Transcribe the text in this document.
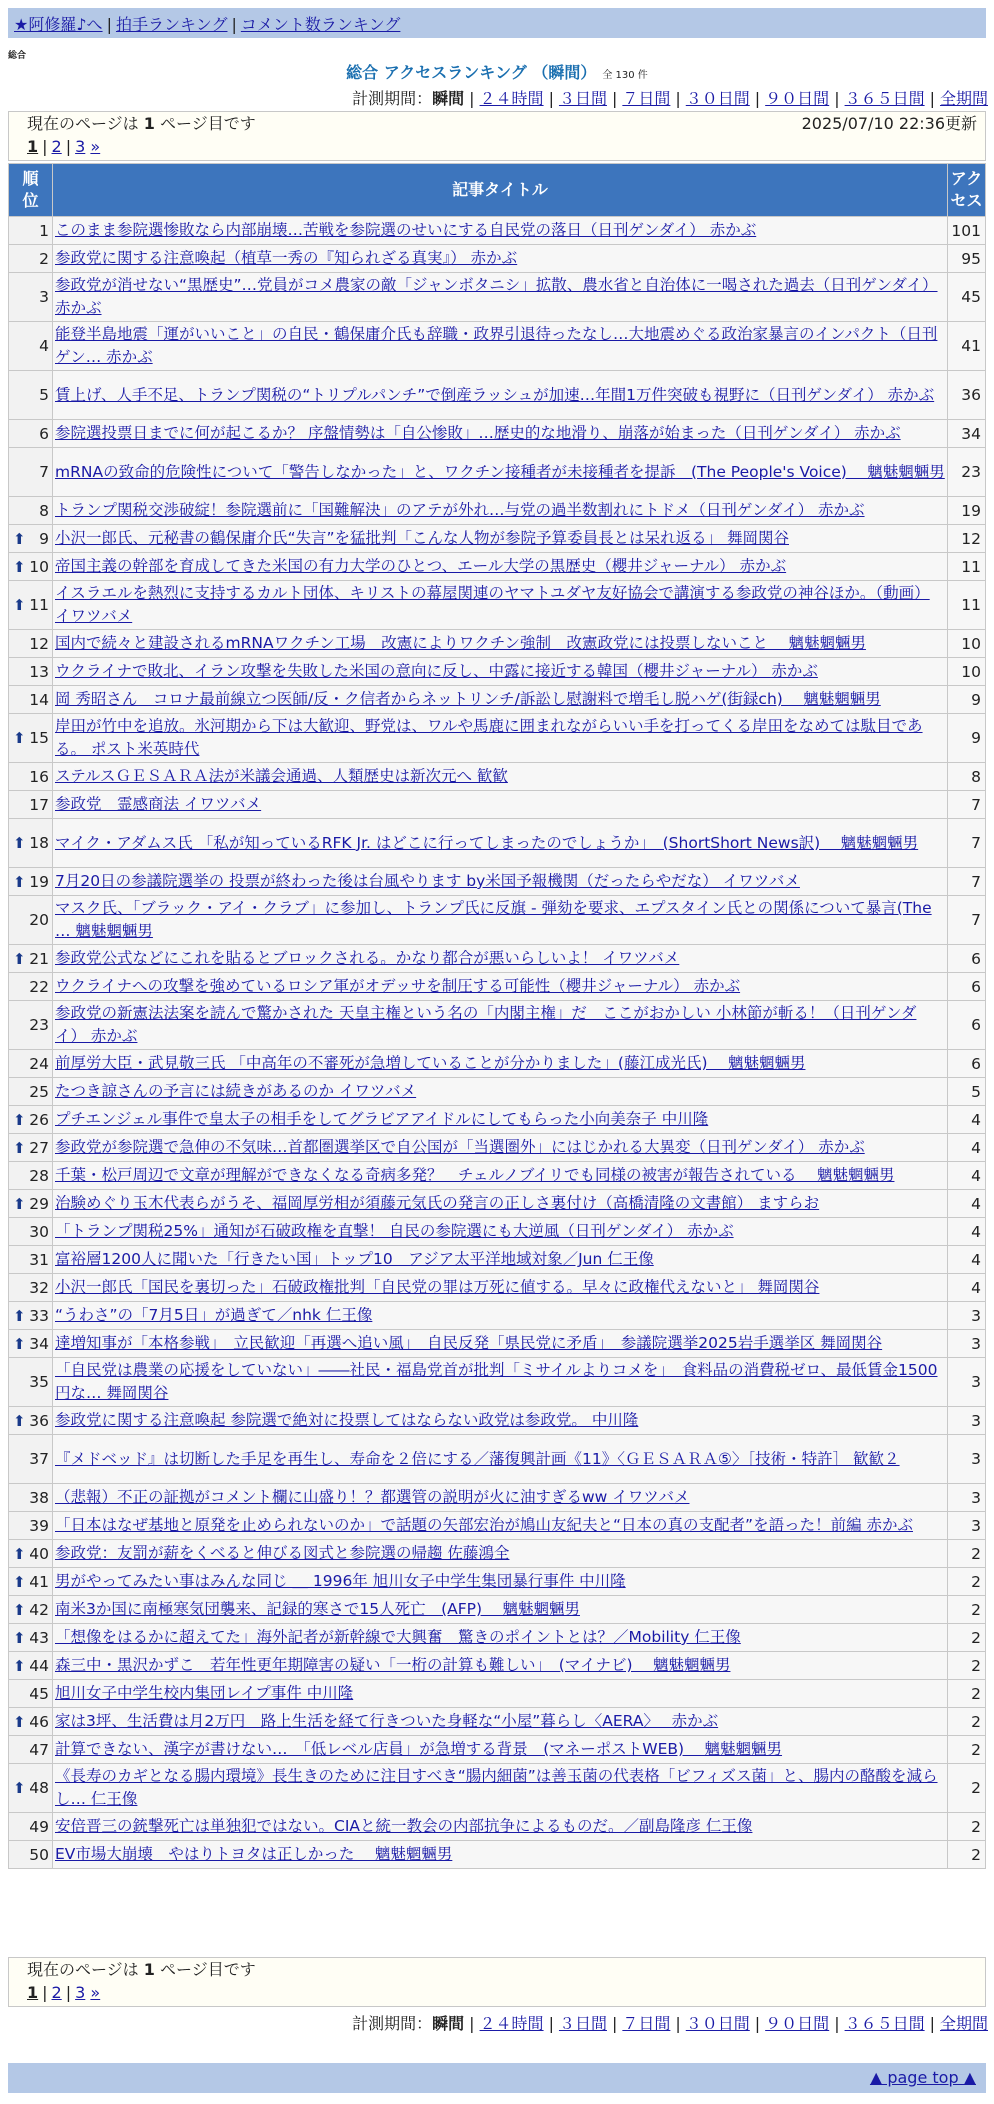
★阿修羅♪へ | 拍手ランキング | コメント数ランキング
総合
総合 アクセスランキング （瞬間） 全 130 件
計測期間：瞬間 | ２４時間 | ３日間 | ７日間 | ３０日間 | ９０日間 | ３６５日間 | 全期間
現在のページは 1 ページ目です	2025/07/10 22:36更新
1 | 2 | 3 »
順位	記事タイトル	アクセス
1	このまま参院選惨敗なら内部崩壊…苦戦を参院選のせいにする自民党の落日（日刊ゲンダイ） 赤かぶ	101
2	参政党に関する注意喚起（植草一秀の『知られざる真実』） 赤かぶ	95
3	参政党が消せない“黒歴史”…党員がコメ農家の敵「ジャンボタニシ」拡散、農水省と自治体に一喝された過去（日刊ゲンダイ） 赤かぶ	45
4	能登半島地震「運がいいこと」の自民・鶴保庸介氏も辞職・政界引退待ったなし…大地震めぐる政治家暴言のインパクト（日刊ゲン… 赤かぶ	41
5	賃上げ、人手不足、トランプ関税の“トリプルパンチ”で倒産ラッシュが加速…年間1万件突破も視野に（日刊ゲンダイ） 赤かぶ	36
6	参院選投票日までに何が起こるか？ 序盤情勢は「自公惨敗」…歴史的な地滑り、崩落が始まった（日刊ゲンダイ） 赤かぶ	34
7	mRNAの致命的危険性について「警告しなかった」と、ワクチン接種者が未接種者を提訴　(The People's Voice)　 魑魅魍魎男	23
8	トランプ関税交渉破綻！参院選前に「国難解決」のアテが外れ…与党の過半数割れにトドメ（日刊ゲンダイ） 赤かぶ	19

⬆ 9	小沢一郎氏、元秘書の鶴保庸介氏“失言”を猛批判「こんな人物が参院予算委員長とは呆れ返る」 舞岡関谷	12

⬆ 10	帝国主義の幹部を育成してきた米国の有力大学のひとつ、エール大学の黒歴史（櫻井ジャーナル） 赤かぶ	11

⬆ 11	イスラエルを熱烈に支持するカルト団体、キリストの幕屋関連のヤマトユダヤ友好協会で講演する参政党の神谷ほか。（動画） イワツバメ	11
12	国内で続々と建設されるmRNAワクチン工場　改憲によりワクチン強制　改憲政党には投票しないこと　 魑魅魍魎男	10
13	ウクライナで敗北、イラン攻撃を失敗した米国の意向に反し、中露に接近する韓国（櫻井ジャーナル） 赤かぶ	10
14	岡 秀昭さん　コロナ最前線立つ医師/反・ク信者からネットリンチ/訴訟し慰謝料で増毛し脱ハゲ(街録ch)　 魑魅魍魎男	9

⬆ 15	岸田が竹中を追放。氷河期から下は大歓迎、野党は、ワルや馬鹿に囲まれながらいい手を打ってくる岸田をなめては駄目である。 ポスト米英時代	9
16	ステルスＧＥＳＡＲＡ法が米議会通過、人類歴史は新次元へ 歓歓	8
17	参政党　霊感商法 イワツバメ	7

⬆ 18	マイク・アダムス氏 「私が知っているRFK Jr. はどこに行ってしまったのでしょうか」　(ShortShort News訳)　 魑魅魍魎男	7

⬆ 19	7月20日の参議院選挙の 投票が終わった後は台風やります by米国予報機関（だったらやだな） イワツバメ	7
20	マスク氏、「ブラック・アイ・クラブ」に参加し、トランプ氏に反旗 - 弾劾を要求、エプスタイン氏との関係について暴言(The … 魑魅魍魎男	7

⬆ 21	参政党公式などにこれを貼るとブロックされる。かなり都合が悪いらしいよ！ イワツバメ	6
22	ウクライナへの攻撃を強めているロシア軍がオデッサを制圧する可能性（櫻井ジャーナル） 赤かぶ	6
23	参政党の新憲法法案を読んで驚かされた 天皇主権という名の「内閣主権」だ　ここがおかしい 小林節が斬る！（日刊ゲンダイ） 赤かぶ	6
24	前厚労大臣・武見敬三氏 「中高年の不審死が急増していることが分かりました」(藤江成光氏)　 魑魅魍魎男	6
25	たつき諒さんの予言には続きがあるのか イワツバメ	5

⬆ 26	プチエンジェル事件で皇太子の相手をしてグラビアアイドルにしてもらった小向美奈子 中川隆	4

⬆ 27	参政党が参院選で急伸の不気味…首都圏選挙区で自公国が「当選圏外」にはじかれる大異変（日刊ゲンダイ） 赤かぶ	4
28	千葉・松戸周辺で文章が理解ができなくなる奇病多発？　チェルノブイリでも同様の被害が報告されている　 魑魅魍魎男	4

⬆ 29	治験めぐり玉木代表らがうそ、福岡厚労相が須藤元気氏の発言の正しさ裏付け（高橋清隆の文書館） ますらお	4
30	「トランプ関税25%」通知が石破政権を直撃！ 自民の参院選にも大逆風（日刊ゲンダイ） 赤かぶ	4
31	富裕層1200人に聞いた「行きたい国」トップ10　アジア太平洋地域対象／Jun 仁王像	4
32	小沢一郎氏「国民を裏切った」石破政権批判「自民党の罪は万死に値する。早々に政権代えないと」 舞岡関谷	4

⬆ 33	“うわさ”の「7月5日」が過ぎて／nhk 仁王像	3

⬆ 34	達増知事が「本格参戦」　立民歓迎「再選へ追い風」　自民反発「県民党に矛盾」　参議院選挙2025岩手選挙区 舞岡関谷	3
35	「自民党は農業の応援をしていない」――社民・福島党首が批判「ミサイルよりコメを」　食料品の消費税ゼロ、最低賃金1500円な… 舞岡関谷	3

⬆ 36	参政党に関する注意喚起 参院選で絶対に投票してはならない政党は参政党。 中川隆	3
37	『メドベッド』は切断した手足を再生し、寿命を２倍にする／藩復興計画《11》〈ＧＥＳＡＲＡ⑤〉［技術・特許］ 歓歓２	3
38	（悲報）不正の証拠がコメント欄に山盛り！？都選管の説明が火に油すぎるww イワツバメ	3
39	「日本はなぜ基地と原発を止められないのか」で話題の矢部宏治が鳩山友紀夫と“日本の真の支配者”を語った！前編 赤かぶ	3

⬆ 40	参政党：友罰が薪をくべると伸びる図式と参院選の帰趨 佐藤鴻全	2

⬆ 41	男がやってみたい事はみんな同じ ＿ 1996年 旭川女子中学生集団暴行事件 中川隆	2

⬆ 42	南米3か国に南極寒気団襲来、記録的寒さで15人死亡　(AFP)　 魑魅魍魎男	2

⬆ 43	「想像をはるかに超えてた」海外記者が新幹線で大興奮　驚きのポイントとは？／Mobility 仁王像	2

⬆ 44	森三中・黒沢かずこ　若年性更年期障害の疑い「一桁の計算も難しい」　(マイナビ)　 魑魅魍魎男	2
45	旭川女子中学生校内集団レイプ事件 中川隆	2

⬆ 46	家は3坪、生活費は月2万円　路上生活を経て行きついた身軽な“小屋”暮らし〈AERA〉　 赤かぶ	2
47	計算できない、漢字が書けない…　「低レベル店員」が急増する背景　(マネーポストWEB)　 魑魅魍魎男	2

⬆ 48	《長寿のカギとなる腸内環境》長生きのために注目すべき“腸内細菌”は善玉菌の代表格「ビフィズス菌」と、腸内の酪酸を減らし… 仁王像	2
49	安倍晋三の銃撃死亡は単独犯ではない。CIAと統一教会の内部抗争によるものだ。／副島隆彦 仁王像	2
50	EV市場大崩壊　やはりトヨタは正しかった　 魑魅魍魎男	2
現在のページは 1 ページ目です
1 | 2 | 3 »
計測期間：瞬間 | ２４時間 | ３日間 | ７日間 | ３０日間 | ９０日間 | ３６５日間 | 全期間
▲ page top ▲
